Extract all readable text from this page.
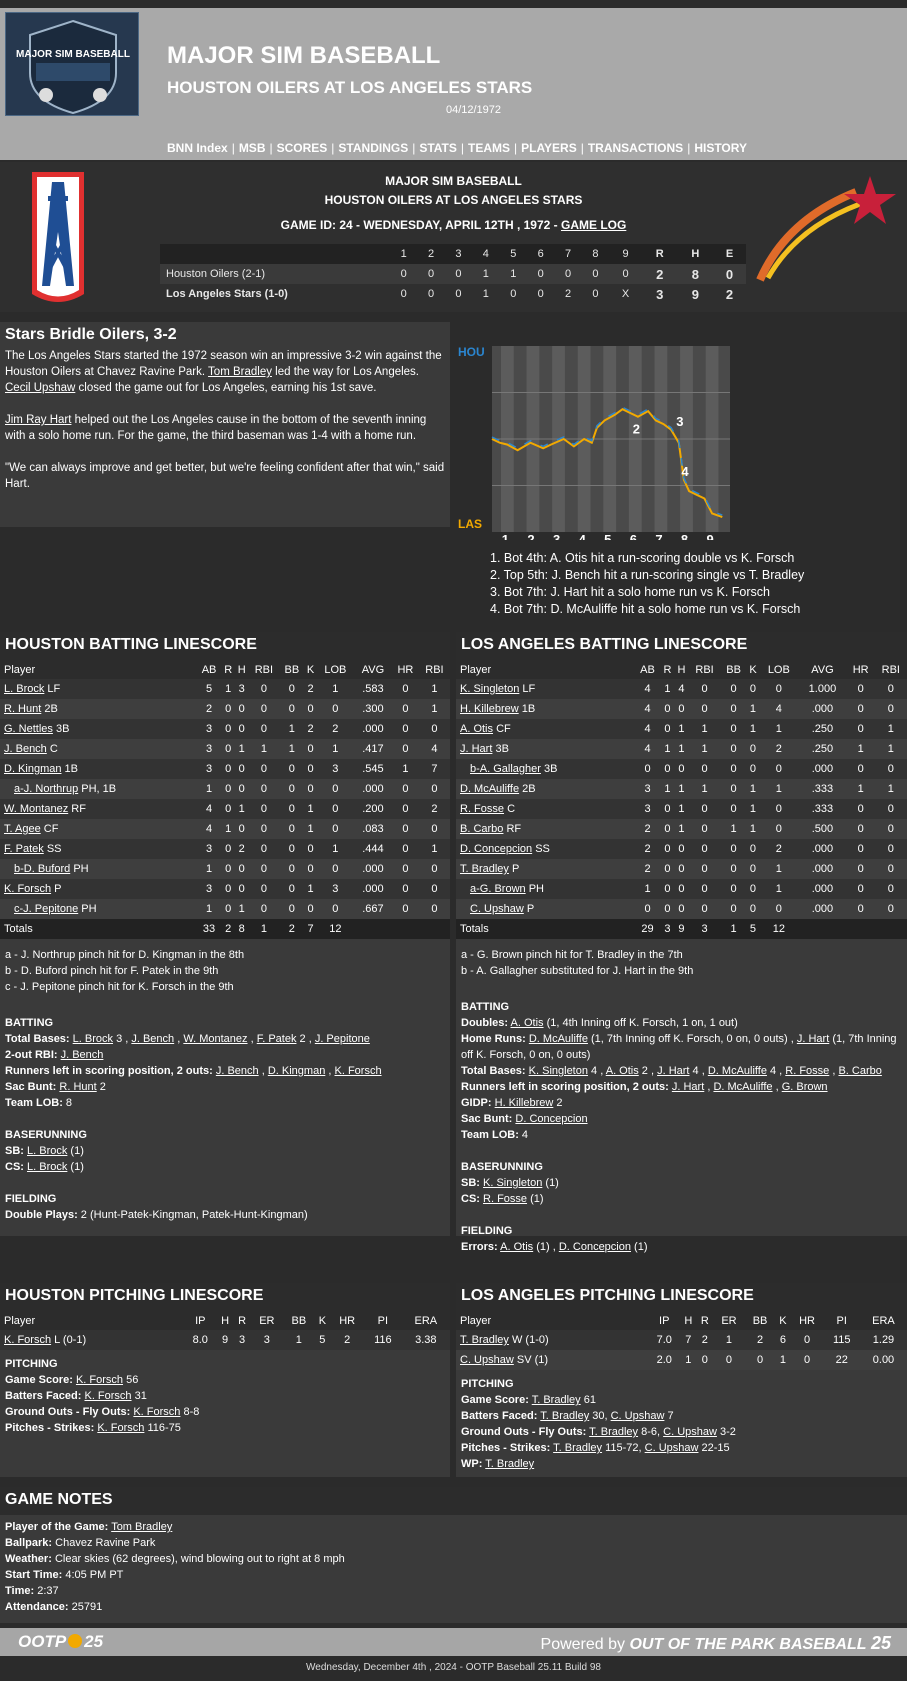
MAJOR SIM BASEBALL MAJOR SIM BASEBALL
HOUSTON OILERS AT LOS ANGELES STARS
04/12/1972
BNN Index | MSB | SCORES | STANDINGS | STATS | TEAMS | PLAYERS | TRANSACTIONS | HISTORY
MAJOR SIM BASEBALL
HOUSTON OILERS AT LOS ANGELES STARS
GAME ID: 24 - WEDNESDAY, APRIL 12TH , 1972 - GAME LOG
	1	2	3	4	5	6	7	8	9	R	H	E
Houston Oilers (2-1)	0	0	0	1	1	0	0	0	0	2	8	0
Los Angeles Stars (1-0)	0	0	0	1	0	0	2	0	X	3	9	2
Stars Bridle Oilers, 3-2

The Los Angeles Stars started the 1972 season win an impressive 3-2 win against the Houston Oilers at Chavez Ravine Park. Tom Bradley led the way for Los Angeles. Cecil Upshaw closed the game out for Los Angeles, earning his 1st save.

Jim Ray Hart helped out the Los Angeles cause in the bottom of the seventh inning with a solo home run. For the game, the third baseman was 1-4 with a home run.

"We can always improve and get better, but we're feeling confident after that win," said Hart.

HOU
LAS
2	3
4
1 2 3 4 5 6 7 8 9
1. Bot 4th: A. Otis hit a run-scoring double vs K. Forsch
2. Top 5th: J. Bench hit a run-scoring single vs T. Bradley
3. Bot 7th: J. Hart hit a solo home run vs K. Forsch
4. Bot 7th: D. McAuliffe hit a solo home run vs K. Forsch
HOUSTON BATTING LINESCORE
Player	AB	R	H	RBI	BB	K	LOB	AVG	HR	RBI
L. Brock LF	5	1	3	0	0	2	1	.583	0	1
R. Hunt 2B	2	0	0	0	0	0	0	.300	0	1
G. Nettles 3B	3	0	0	0	1	2	2	.000	0	0
J. Bench C	3	0	1	1	1	0	1	.417	0	4
D. Kingman 1B	3	0	0	0	0	0	3	.545	1	7
a-J. Northrup PH, 1B	1	0	0	0	0	0	0	.000	0	0
W. Montanez RF	4	0	1	0	0	1	0	.200	0	2
T. Agee CF	4	1	0	0	0	1	0	.083	0	0
F. Patek SS	3	0	2	0	0	0	1	.444	0	1
b-D. Buford PH	1	0	0	0	0	0	0	.000	0	0
K. Forsch P	3	0	0	0	0	1	3	.000	0	0
c-J. Pepitone PH	1	0	1	0	0	0	0	.667	0	0
Totals	33	2	8	1	2	7	12			
a - J. Northrup pinch hit for D. Kingman in the 8th
b - D. Buford pinch hit for F. Patek in the 9th
c - J. Pepitone pinch hit for K. Forsch in the 9th
BATTING
Total Bases: L. Brock 3 , J. Bench , W. Montanez , F. Patek 2 , J. Pepitone
2-out RBI: J. Bench
Runners left in scoring position, 2 outs: J. Bench , D. Kingman , K. Forsch
Sac Bunt: R. Hunt 2
Team LOB: 8
BASERUNNING
SB: L. Brock (1)
CS: L. Brock (1)
FIELDING
Double Plays: 2 (Hunt-Patek-Kingman, Patek-Hunt-Kingman)
LOS ANGELES BATTING LINESCORE
Player	AB	R	H	RBI	BB	K	LOB	AVG	HR	RBI
K. Singleton LF	4	1	4	0	0	0	0	1.000	0	0
H. Killebrew 1B	4	0	0	0	0	1	4	.000	0	0
A. Otis CF	4	0	1	1	0	1	1	.250	0	1
J. Hart 3B	4	1	1	1	0	0	2	.250	1	1
b-A. Gallagher 3B	0	0	0	0	0	0	0	.000	0	0
D. McAuliffe 2B	3	1	1	1	0	1	1	.333	1	1
R. Fosse C	3	0	1	0	0	1	0	.333	0	0
B. Carbo RF	2	0	1	0	1	1	0	.500	0	0
D. Concepcion SS	2	0	0	0	0	0	2	.000	0	0
T. Bradley P	2	0	0	0	0	0	1	.000	0	0
a-G. Brown PH	1	0	0	0	0	0	1	.000	0	0
C. Upshaw P	0	0	0	0	0	0	0	.000	0	0
Totals	29	3	9	3	1	5	12			
a - G. Brown pinch hit for T. Bradley in the 7th
b - A. Gallagher substituted for J. Hart in the 9th
BATTING
Doubles: A. Otis (1, 4th Inning off K. Forsch, 1 on, 1 out)
Home Runs: D. McAuliffe (1, 7th Inning off K. Forsch, 0 on, 0 outs) , J. Hart (1, 7th Inning off K. Forsch, 0 on, 0 outs)
Total Bases: K. Singleton 4 , A. Otis 2 , J. Hart 4 , D. McAuliffe 4 , R. Fosse , B. Carbo
Runners left in scoring position, 2 outs: J. Hart , D. McAuliffe , G. Brown
GIDP: H. Killebrew 2
Sac Bunt: D. Concepcion
Team LOB: 4
BASERUNNING
SB: K. Singleton (1)
CS: R. Fosse (1)
FIELDING
Errors: A. Otis (1) , D. Concepcion (1)
HOUSTON PITCHING LINESCORE
Player	IP	H	R	ER	BB	K	HR	PI	ERA
K. Forsch L (0-1)	8.0	9	3	3	1	5	2	116	3.38
PITCHING
Game Score: K. Forsch 56
Batters Faced: K. Forsch 31
Ground Outs - Fly Outs: K. Forsch 8-8
Pitches - Strikes: K. Forsch 116-75
LOS ANGELES PITCHING LINESCORE
Player	IP	H	R	ER	BB	K	HR	PI	ERA
T. Bradley W (1-0)	7.0	7	2	1	2	6	0	115	1.29
C. Upshaw SV (1)	2.0	1	0	0	0	1	0	22	0.00
PITCHING
Game Score: T. Bradley 61
Batters Faced: T. Bradley 30, C. Upshaw 7
Ground Outs - Fly Outs: T. Bradley 8-6, C. Upshaw 3-2
Pitches - Strikes: T. Bradley 115-72, C. Upshaw 22-15
WP: T. Bradley
GAME NOTES
Player of the Game: Tom Bradley
Ballpark: Chavez Ravine Park
Weather: Clear skies (62 degrees), wind blowing out to right at 8 mph
Start Time: 4:05 PM PT
Time: 2:37
Attendance: 25791
OOTP 25	Powered by OUT OF THE PARK BASEBALL 25
Wednesday, December 4th , 2024 - OOTP Baseball 25.11 Build 98
